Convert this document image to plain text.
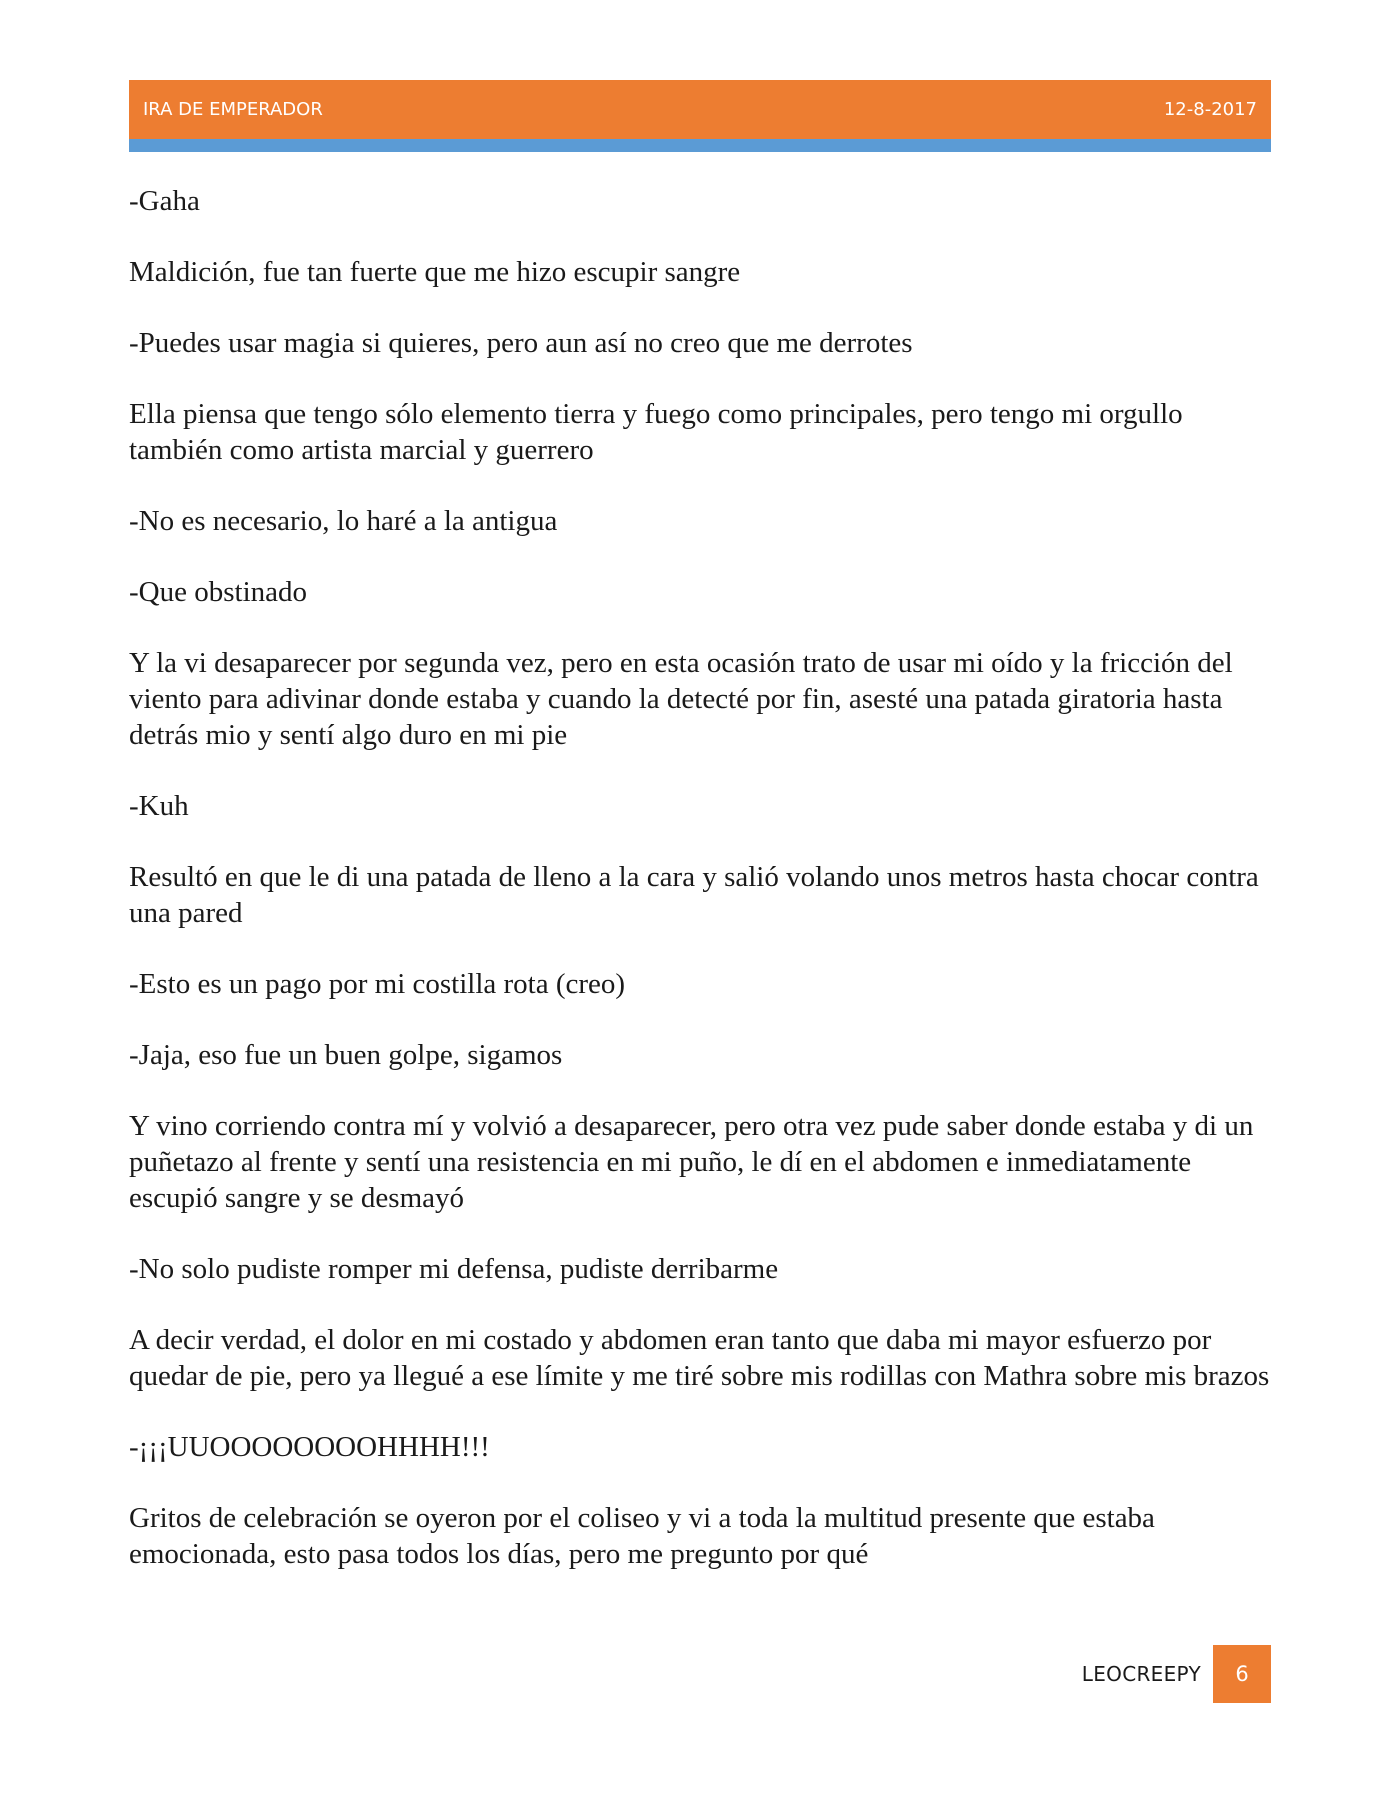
IRA DE EMPERADOR	12-8-2017

-Gaha

Maldición, fue tan fuerte que me hizo escupir sangre

-Puedes usar magia si quieres, pero aun así no creo que me derrotes

Ella piensa que tengo sólo elemento tierra y fuego como principales, pero tengo mi orgullo también como artista marcial y guerrero

-No es necesario, lo haré a la antigua

-Que obstinado

Y la vi desaparecer por segunda vez, pero en esta ocasión trato de usar mi oído y la fricción del viento para adivinar donde estaba y cuando la detecté por fin, asesté una patada giratoria hasta detrás mio y sentí algo duro en mi pie

-Kuh

Resultó en que le di una patada de lleno a la cara y salió volando unos metros hasta chocar contra una pared

-Esto es un pago por mi costilla rota (creo)

-Jaja, eso fue un buen golpe, sigamos

Y vino corriendo contra mí y volvió a desaparecer, pero otra vez pude saber donde estaba y di un puñetazo al frente y sentí una resistencia en mi puño, le dí en el abdomen e inmediatamente escupió sangre y se desmayó

-No solo pudiste romper mi defensa, pudiste derribarme

A decir verdad, el dolor en mi costado y abdomen eran tanto que daba mi mayor esfuerzo por quedar de pie, pero ya llegué a ese límite y me tiré sobre mis rodillas con Mathra sobre mis brazos

-¡¡¡UUOOOOOOOOHHHH!!!

Gritos de celebración se oyeron por el coliseo y vi a toda la multitud presente que estaba emocionada, esto pasa todos los días, pero me pregunto por qué

LEOCREEPY	6
